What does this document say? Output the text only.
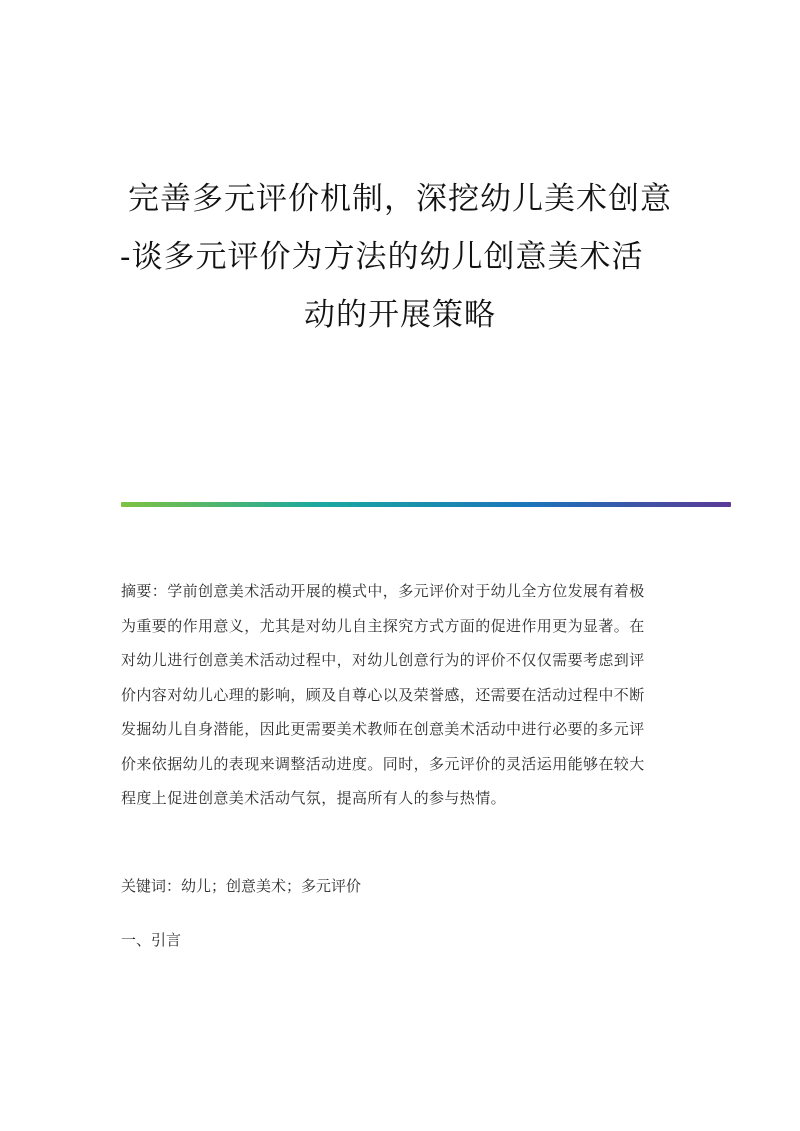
完善多元评价机制，深挖幼儿美术创意
-谈多元评价为方法的幼儿创意美术活
动的开展策略
摘要：学前创意美术活动开展的模式中，多元评价对于幼儿全方位发展有着极
为重要的作用意义，尤其是对幼儿自主探究方式方面的促进作用更为显著。在
对幼儿进行创意美术活动过程中，对幼儿创意行为的评价不仅仅需要考虑到评
价内容对幼儿心理的影响，顾及自尊心以及荣誉感，还需要在活动过程中不断
发掘幼儿自身潜能，因此更需要美术教师在创意美术活动中进行必要的多元评
价来依据幼儿的表现来调整活动进度。同时，多元评价的灵活运用能够在较大
程度上促进创意美术活动气氛，提高所有人的参与热情。
关键词：幼儿；创意美术；多元评价
一、引言
